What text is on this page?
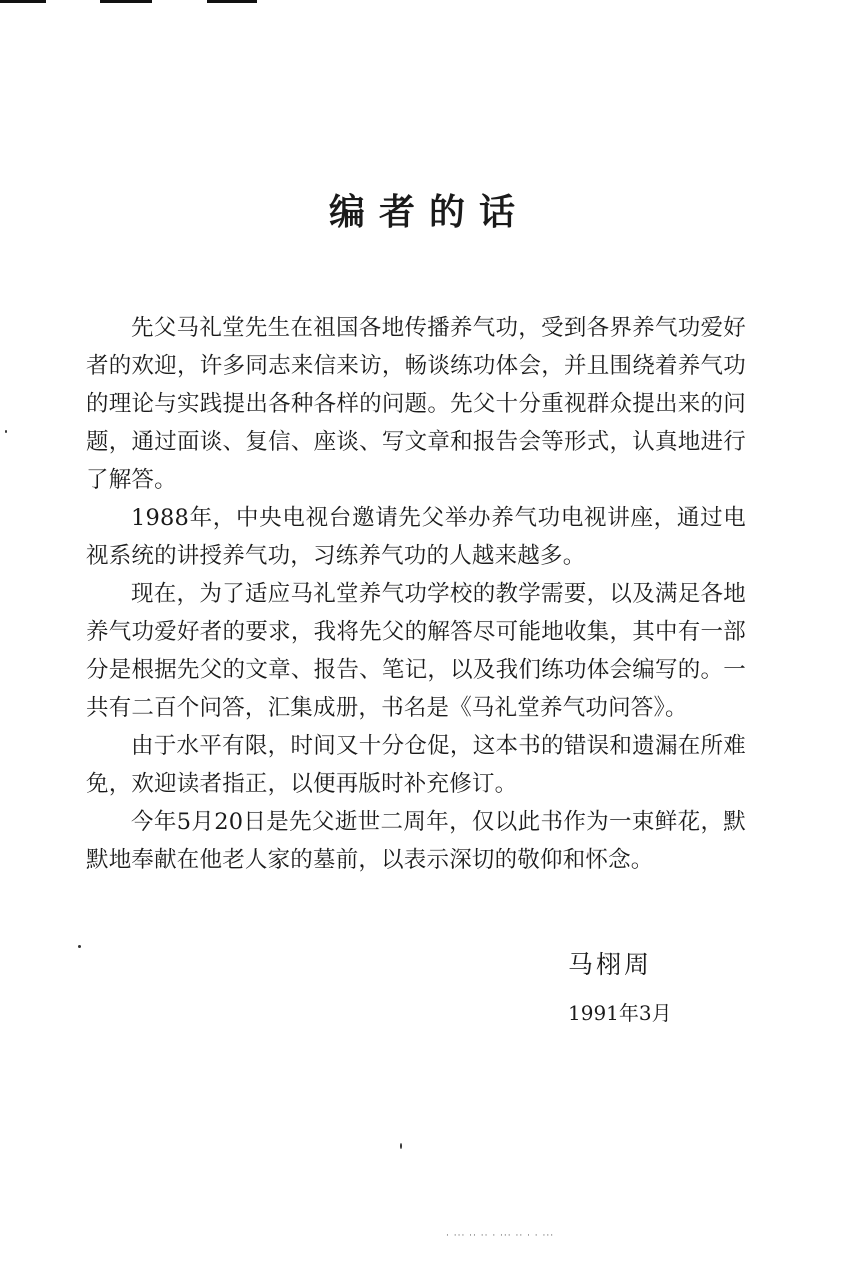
编者的话

先父马礼堂先生在祖国各地传播养气功，受到各界养气功爱好者的欢迎，许多同志来信来访，畅谈练功体会，并且围绕着养气功的理论与实践提出各种各样的问题。先父十分重视群众提出来的问题，通过面谈、复信、座谈、写文章和报告会等形式，认真地进行了解答。

1988年，中央电视台邀请先父举办养气功电视讲座，通过电视系统的讲授养气功，习练养气功的人越来越多。

现在，为了适应马礼堂养气功学校的教学需要，以及满足各地养气功爱好者的要求，我将先父的解答尽可能地收集，其中有一部分是根据先父的文章、报告、笔记，以及我们练功体会编写的。一共有二百个问答，汇集成册，书名是《马礼堂养气功问答》。

由于水平有限，时间又十分仓促，这本书的错误和遗漏在所难免，欢迎读者指正，以便再版时补充修订。

今年5月20日是先父逝世二周年，仅以此书作为一束鲜花，默默地奉献在他老人家的墓前，以表示深切的敬仰和怀念。

马栩周
1991年3月
· ··· ·· ·· · ··· ·· · · ···
